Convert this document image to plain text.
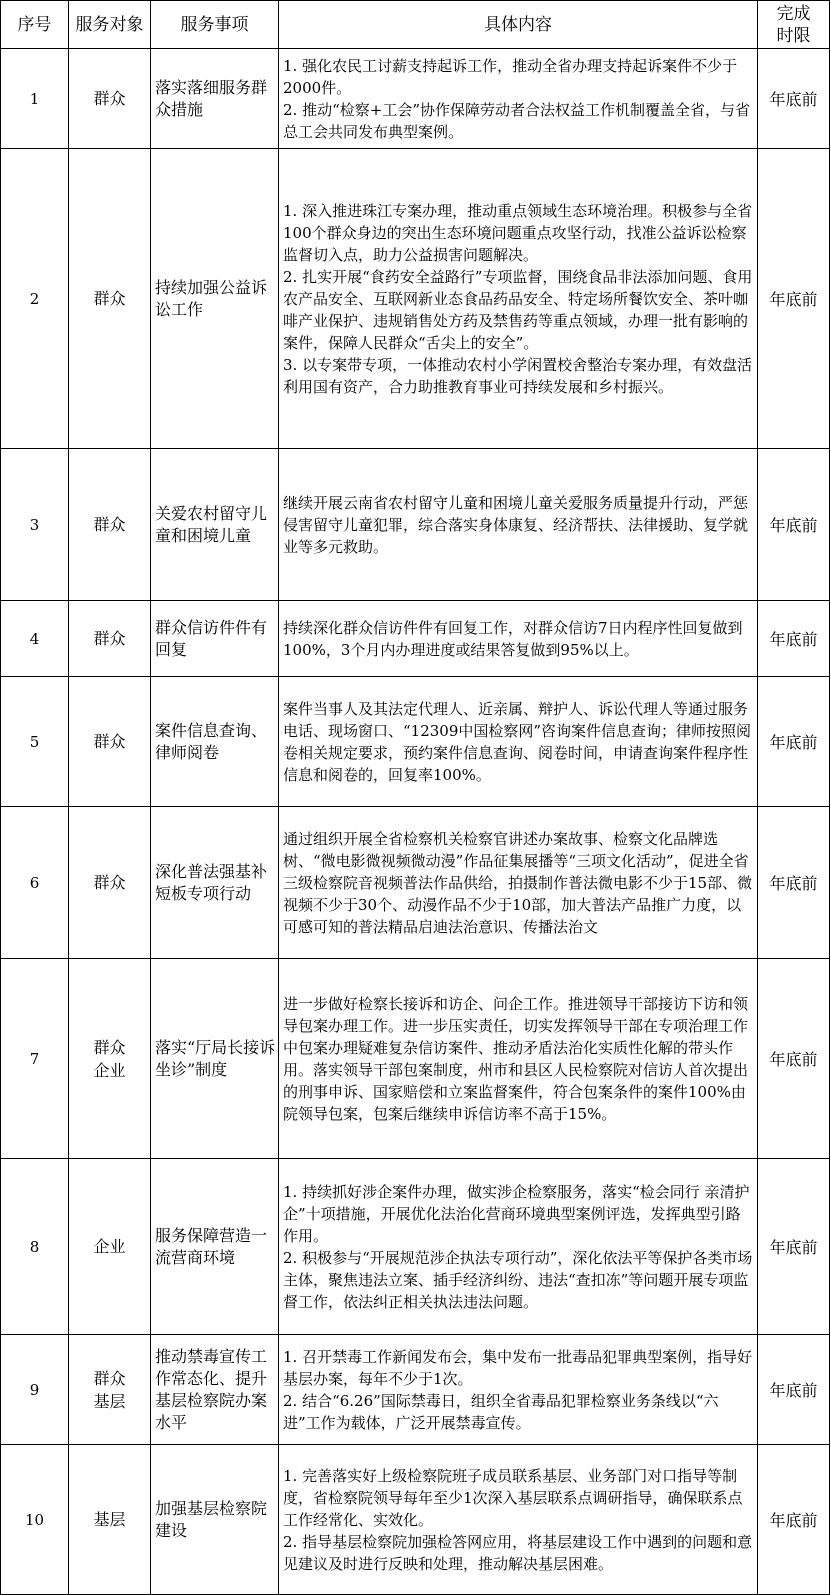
序号	服务对象	服务事项	具体内容	完成
时限

1	群众	落实落细服务群众措施	1. 强化农民工讨薪支持起诉工作，推动全省办理支持起诉案件不少于2000件。
2. 推动“检察+工会”协作保障劳动者合法权益工作机制覆盖全省，与省总工会共同发布典型案例。	年底前
2	群众	持续加强公益诉讼工作	1. 深入推进珠江专案办理，推动重点领域生态环境治理。积极参与全省100个群众身边的突出生态环境问题重点攻坚行动，找准公益诉讼检察监督切入点，助力公益损害问题解决。
2. 扎实开展“食药安全益路行”专项监督，围绕食品非法添加问题、食用农产品安全、互联网新业态食品药品安全、特定场所餐饮安全、茶叶咖啡产业保护、违规销售处方药及禁售药等重点领域，办理一批有影响的案件，保障人民群众“舌尖上的安全”。
3. 以专案带专项，一体推动农村小学闲置校舍整治专案办理，有效盘活利用国有资产，合力助推教育事业可持续发展和乡村振兴。	年底前
3	群众	关爱农村留守儿童和困境儿童	继续开展云南省农村留守儿童和困境儿童关爱服务质量提升行动，严惩侵害留守儿童犯罪，综合落实身体康复、经济帮扶、法律援助、复学就业等多元救助。	年底前
4	群众	群众信访件件有回复	持续深化群众信访件件有回复工作，对群众信访7日内程序性回复做到100%，3个月内办理进度或结果答复做到95%以上。	年底前
5	群众	案件信息查询、律师阅卷	案件当事人及其法定代理人、近亲属、辩护人、诉讼代理人等通过服务电话、现场窗口、“12309中国检察网”咨询案件信息查询；律师按照阅卷相关规定要求，预约案件信息查询、阅卷时间，申请查询案件程序性信息和阅卷的，回复率100%。	年底前
6	群众	深化普法强基补短板专项行动	通过组织开展全省检察机关检察官讲述办案故事、检察文化品牌选树、“微电影微视频微动漫”作品征集展播等“三项文化活动”，促进全省三级检察院音视频普法作品供给，拍摄制作普法微电影不少于15部、微视频不少于30个、动漫作品不少于10部，加大普法产品推广力度，以可感可知的普法精品启迪法治意识、传播法治文	年底前
7	群众
企业	落实“厅局长接诉坐诊”制度	进一步做好检察长接诉和访企、问企工作。推进领导干部接访下访和领导包案办理工作。进一步压实责任，切实发挥领导干部在专项治理工作中包案办理疑难复杂信访案件、推动矛盾法治化实质性化解的带头作用。落实领导干部包案制度，州市和县区人民检察院对信访人首次提出的刑事申诉、国家赔偿和立案监督案件，符合包案条件的案件100%由院领导包案，包案后继续申诉信访率不高于15%。	年底前
8	企业	服务保障营造一流营商环境	1. 持续抓好涉企案件办理，做实涉企检察服务，落实“检会同行 亲清护企”十项措施，开展优化法治化营商环境典型案例评选，发挥典型引路作用。
2. 积极参与“开展规范涉企执法专项行动”，深化依法平等保护各类市场主体，聚焦违法立案、插手经济纠纷、违法“查扣冻”等问题开展专项监督工作，依法纠正相关执法违法问题。	年底前
9	群众
基层	推动禁毒宣传工作常态化、提升基层检察院办案水平	1. 召开禁毒工作新闻发布会，集中发布一批毒品犯罪典型案例，指导好基层办案，每年不少于1次。
2. 结合“6.26”国际禁毒日，组织全省毒品犯罪检察业务条线以“六进”工作为载体，广泛开展禁毒宣传。	年底前
10	基层	加强基层检察院建设	1. 完善落实好上级检察院班子成员联系基层、业务部门对口指导等制度，省检察院领导每年至少1次深入基层联系点调研指导，确保联系点工作经常化、实效化。
2. 指导基层检察院加强检答网应用，将基层建设工作中遇到的问题和意见建议及时进行反映和处理，推动解决基层困难。	年底前
